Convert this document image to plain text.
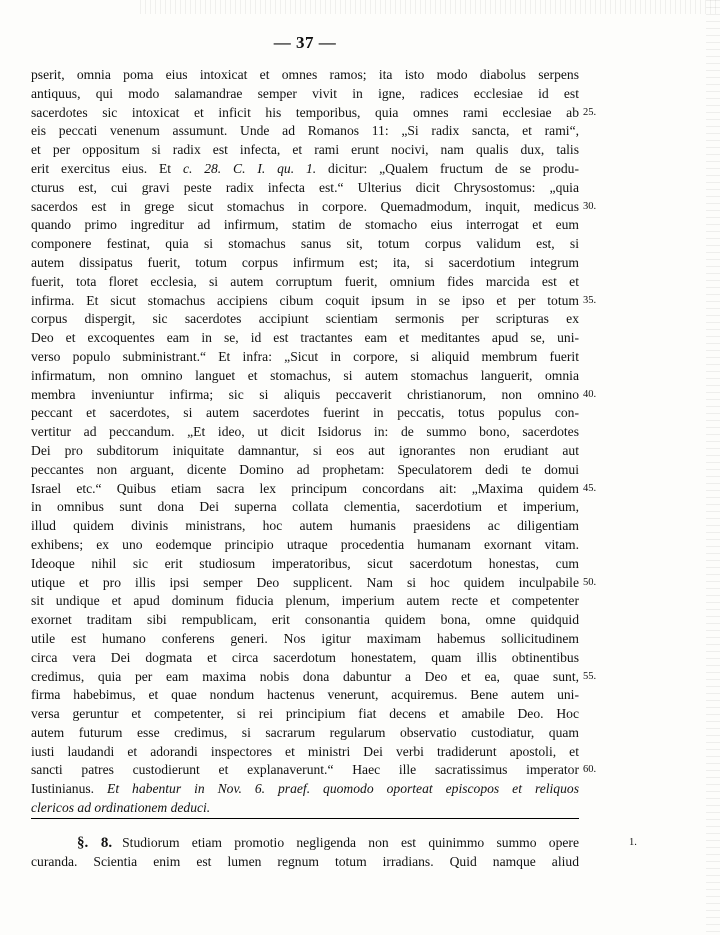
— 37 —
pserit, omnia poma eius intoxicat et omnes ramos; ita isto modo diabolus serpens
antiquus, qui modo salamandrae semper vivit in igne, radices ecclesiae id est
sacerdotes sic intoxicat et inficit his temporibus, quia omnes rami ecclesiae ab 25.
eis peccati venenum assumunt. Unde ad Romanos 11: „Si radix sancta, et rami“,
et per oppositum si radix est infecta, et rami erunt nocivi, nam qualis dux, talis
erit exercitus eius. Et c. 28. C. I. qu. 1. dicitur: „Qualem fructum de se produ-
cturus est, cui gravi peste radix infecta est.“ Ulterius dicit Chrysostomus: „quia
sacerdos est in grege sicut stomachus in corpore. Quemadmodum, inquit, medicus 30.
quando primo ingreditur ad infirmum, statim de stomacho eius interrogat et eum
componere festinat, quia si stomachus sanus sit, totum corpus validum est, si
autem dissipatus fuerit, totum corpus infirmum est; ita, si sacerdotium integrum
fuerit, tota floret ecclesia, si autem corruptum fuerit, omnium fides marcida est et
infirma. Et sicut stomachus accipiens cibum coquit ipsum in se ipso et per totum 35.
corpus dispergit, sic sacerdotes accipiunt scientiam sermonis per scripturas ex
Deo et excoquentes eam in se, id est tractantes eam et meditantes apud se, uni-
verso populo subministrant.“ Et infra: „Sicut in corpore, si aliquid membrum fuerit
infirmatum, non omnino languet et stomachus, si autem stomachus languerit, omnia
membra inveniuntur infirma; sic si aliquis peccaverit christianorum, non omnino 40.
peccant et sacerdotes, si autem sacerdotes fuerint in peccatis, totus populus con-
vertitur ad peccandum. „Et ideo, ut dicit Isidorus in: de summo bono, sacerdotes
Dei pro subditorum iniquitate damnantur, si eos aut ignorantes non erudiant aut
peccantes non arguant, dicente Domino ad prophetam: Speculatorem dedi te domui
Israel etc.“ Quibus etiam sacra lex principum concordans ait: „Maxima quidem 45.
in omnibus sunt dona Dei superna collata clementia, sacerdotium et imperium,
illud quidem divinis ministrans, hoc autem humanis praesidens ac diligentiam
exhibens; ex uno eodemque principio utraque procedentia humanam exornant vitam.
Ideoque nihil sic erit studiosum imperatoribus, sicut sacerdotum honestas, cum
utique et pro illis ipsi semper Deo supplicent. Nam si hoc quidem inculpabile 50.
sit undique et apud dominum fiducia plenum, imperium autem recte et competenter
exornet traditam sibi rempublicam, erit consonantia quidem bona, omne quidquid
utile est humano conferens generi. Nos igitur maximam habemus sollicitudinem
circa vera Dei dogmata et circa sacerdotum honestatem, quam illis obtinentibus
credimus, quia per eam maxima nobis dona dabuntur a Deo et ea, quae sunt, 55.
firma habebimus, et quae nondum hactenus venerunt, acquiremus. Bene autem uni-
versa geruntur et competenter, si rei principium fiat decens et amabile Deo. Hoc
autem futurum esse credimus, si sacrarum regularum observatio custodiatur, quam
iusti laudandi et adorandi inspectores et ministri Dei verbi tradiderunt apostoli, et
sancti patres custodierunt et explanaverunt.“ Haec ille sacratissimus imperator 60.
Iustinianus. Et habentur in Nov. 6. praef. quomodo oporteat episcopos et reliquos
clericos ad ordinationem deduci.
§. 8. Studiorum etiam promotio negligenda non est quinimmo summo opere	1.
curanda. Scientia enim est lumen regnum totum irradians. Quid namque aliud
